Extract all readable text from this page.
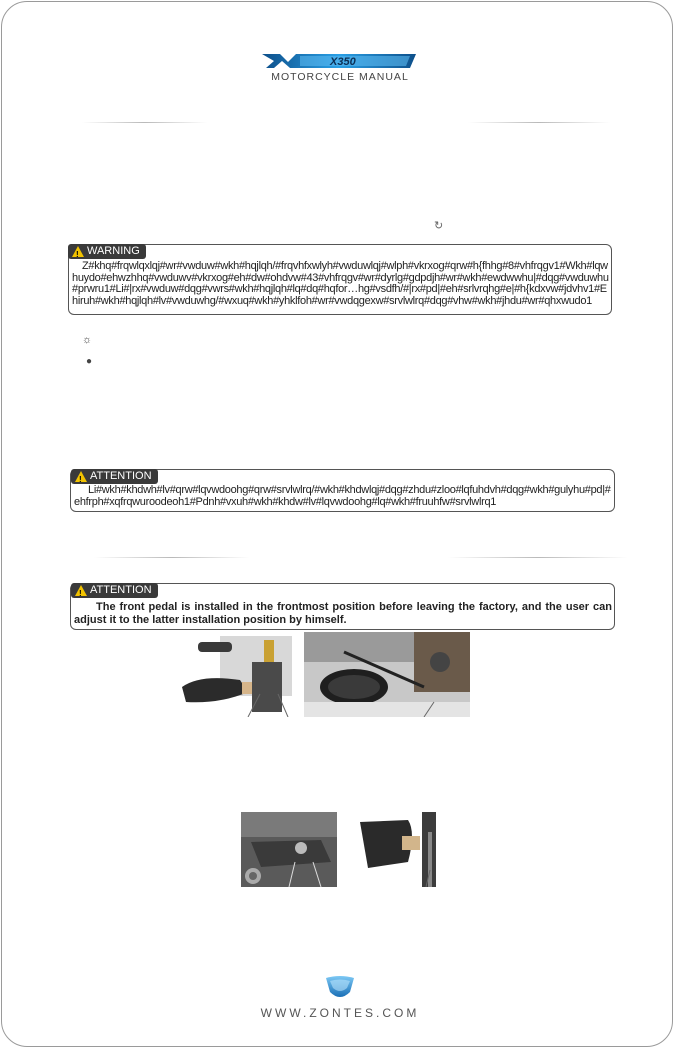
X350
MOTORCYCLE MANUAL
↻
!
WARNING
Z#khq#frqwlqxlqj#wr#vwduw#wkh#hqjlqh/#frqvhfxwlyh#vwduwlqj#wlph#vkrxog#qrw#h{fhhg#8#vhfrqgv1#Wkh#lqwhuydo#ehwzhhq#vwduwv#vkrxog#eh#dw#ohdvw#43#vhfrqgv#wr#dyrlg#gdpdjh#wr#wkh#ewdwwhu|#dqg#vwduwhu#prwru1#Li#|rx#vwduw#dqg#vwrs#wkh#hqjlqh#lq#dq#hqfor…hg#vsdfh/#|rx#pd|#eh#srlvrqhg#e|#h{kdxvw#jdvhv1#Ehiruh#wkh#hqjlqh#lv#vwduwhg/#wxuq#wkh#yhklfoh#wr#vwdqgexw#srvlwlrq#dqg#vhw#wkh#jhdu#wr#qhxwudo1
☼
●
!
ATTENTION
Li#wkh#khdwh#lv#qrw#lqvwdoohg#qrw#srvlwlrq/#wkh#khdwlqj#dqg#zhdu#zloo#lqfuhdvh#dqg#wkh#gulyhu#pd|#ehfrph#xqfrqwuroodeoh1#Pdnh#vxuh#wkh#khdw#lv#lqvwdoohg#lq#wkh#fruuhfw#srvlwlrq1
!
ATTENTION
The front pedal is installed in the frontmost position before leaving the factory, and the user can adjust it to the latter installation position by himself.
WWW.ZONTES.COM
